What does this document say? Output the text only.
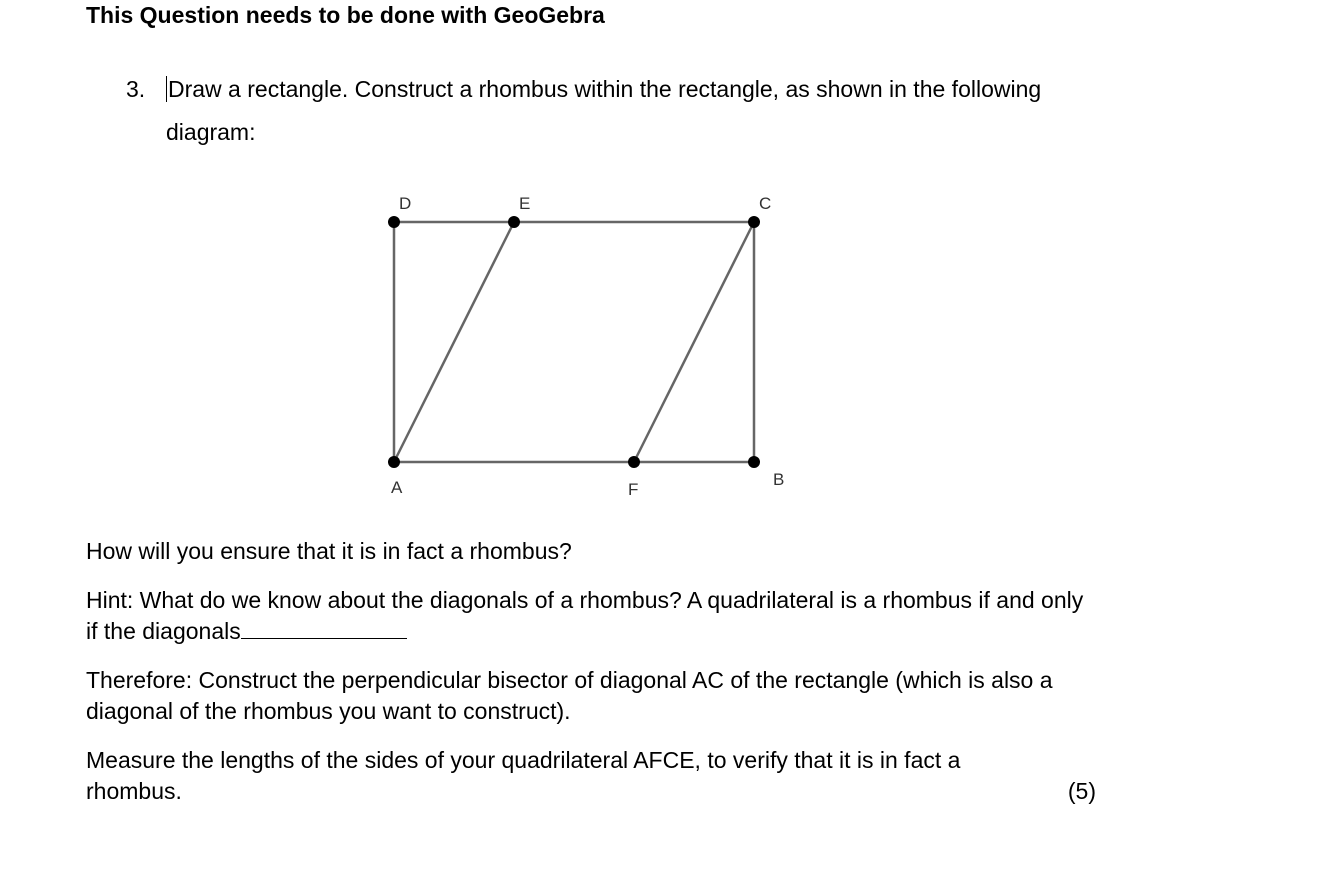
This Question needs to be done with GeoGebra
3. Draw a rectangle. Construct a rhombus within the rectangle, as shown in the following diagram:
D	E	C
A	F
B
How will you ensure that it is in fact a rhombus?
Hint: What do we know about the diagonals of a rhombus? A quadrilateral is a rhombus if and only if the diagonals
Therefore: Construct the perpendicular bisector of diagonal AC of the rectangle (which is also a diagonal of the rhombus you want to construct).
Measure the lengths of the sides of your quadrilateral AFCE, to verify that it is in fact a rhombus.	(5)
